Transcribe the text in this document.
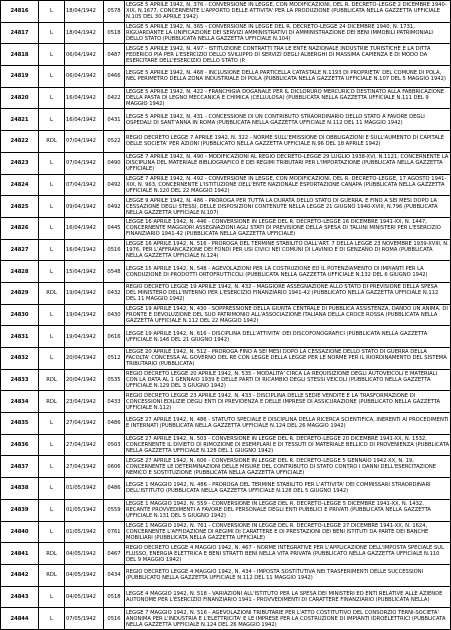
24816	L	18/04/1942	0578	LEGGE 5 APRILE 1942, N. 376 - CONVERSIONE IN LEGGE, CON MODIFICAZIONI, DEL R. DECRETO-LEGGE 2 DICEMBRE 1940-XIX, N.1677, CONCERNENTE L'APPORTO DELLE ATTIVITA' PER LA PRODUZIONE (PUBBLICATA NELLA GAZZETTA UFFICIALE N.105 DEL 30 APRILE 1942)

24817	L	18/04/1942	0518	LEGGE 5 APRILE 1942, N. 365 - CONVERSIONE IN LEGGE DEL R. DECRETO-LEGGE 24 DICEMBRE 1940, N. 1731, RIGUARDANTE LA UNIFICAZIONE DEI SERVIZI AMMINISTRATIVI DI AMMINISTRAZIONE DEI BENI IMMOBILI PATRIMONIALI DELLO STATO (PUBBLICATA NELLA GAZZETTA UFFICIALE N.104)

24818	L	06/04/1942	0487	LEGGE 5 APRILE 1942, N. 497 - ISTITUZIONE CONTRATTI TRA LE ENTE NAZIONALE INDUSTRIE TURISTICHE E LA DITTA FEDERICO PIA PER L'ESERCIZIO DELLO SVILUPPO DI SERVIZI DEGLI ALBERGHI DI MASSIMA CAPIENZA E DI MODO DA ESERCITARE DELL'ESERCIZIO DELLO STATO (P.

24819	L	06/04/1942	0466	LEGGE 5 APRILE 1942, N. 468 - INCLUSIONE DELLA PARTICELLA CATASTALE N.1193 DI PROPRIETA' DEL COMUNE DI POLA, NEL PERIMETRO DELLA ZONA INDUSTRIALE DI POLA (PUBBLICATA NELLA GAZZETTA UFFICIALE N.107 DEL 5 MAGGIO 1942)

24820	L	16/04/1942	0422	LEGGE 5 APRILE 1942, N. 422 - FRANCHIGIA DOGANALE PER IL DICLORURO MERCURICO DESTINATO ALLA FABBRICAZIONE DELLA PASTA DI LEGNO MECCANICA E CHIMICA (CELLULOSA) (PUBBLICATA NELLA GAZZETTA UFFICIALE N.111 DEL 9 MAGGIO 1942)

24821	L	16/04/1942	0431	LEGGE 5 APRILE 1942, N. 431 - CONCESSIONE DI UN CONTRIBUTO STRAORDINARIO DELLO STATO A FAVORE DEGLI OSPEDALI DI SANT'ANNA IN ROMA (PUBBLICATA NELLA GAZZETTA UFFICIALE N.112 DEL 11 MAGGIO 1942)

24822	RDL	07/04/1942	0522	REGIO DECRETO LEGGE 7 APRILE 1942, N. 322 - NORME SULL'EMISSIONE DI OBBLIGAZIONI E SULL'AUMENTO DI CAPITALE DELLE SOCIETA' PER AZIONI (PUBBLICATO NELLA GAZZETTA UFFICIALE N.96 DEL 18 APRILE 1942)

24823	L	07/04/1942	0490	LEGGE 7 APRILE 1942, N. 490 - MODIFICAZIONI AL REGIO DECRETO-LEGGE 29 LUGLIO 1938-XVI, N.1121, CONCERNENTE LA DISCIPLINA DEL MATERIALE BIBLIOGRAFICO E DEI REGIMI TRIBUTARI PER L'IMPORTAZIONE (PUBBLICATA NELLA GAZZETTA UFFICIALE)

24824	L	07/04/1942	0492	LEGGE 7 APRILE 1942, N. 492 - CONVERSIONE IN LEGGE, CON MODIFICAZIONI, DEL R. DECRETO-LEGGE, 17 AGOSTO 1941-XIX, N. 963, CONCERNENTE L'ISTITUZIONE DELL'ENTE NAZIONALE ESPORTAZIONE CANAPA (PUBBLICATA NELLA GAZZETTA UFFICIALE N.120 DEL 22 MAGGIO 1942)

24825	L	09/04/1942	0492	LEGGE 9 APRILE 1942, N. 486 - PROROGA PER TUTTA LA DURATA DELLO STATO DI GUERRA, E FINO A SEI MESI DOPO LA CESSAZIONE DEGLI STESSI, DELLE DISPOSIZIONI CONTENUTE NELLA LEGGE 21 GIUGNO 1940-XVIII, N.796 (PUBBLICATA NELLA GAZZETTA UFFICIALE N.107)

24826	L	16/04/1942	0445	LEGGE 16 APRILE 1942, N. 446 - CONVERSIONE IN LEGGE DEL R. DECRETO-LEGGE 16 DICEMBRE 1941-XX, N. 1447, CONCERNENTE MAGGIORI ASSEGNAZIONI AGLI STATI DI PREVISIONE DELLA SPESA DI TALUNI MINISTERI PER L'ESERCIZIO FINANZIARIO 1941-42 (PUBBLICATA NELLA GAZZETTA UFFICIALE)

24827	L	16/04/1942	0516	LEGGE 16 APRILE 1942, N. 516 - PROROGA DEL TERMINE STABILITO DALL'ART. 7 DELLA LEGGE 23 NOVEMBRE 1939-XVIII, N. 1976, PER L'AFFRANCAZIONE DEI FONDI PER USI CIVICI NEI COMUNI DI LAVINIO E DI GENZANO DI ROMA (PUBBLICATA NELLA GAZZETTA UFFICIALE N.124)

24828	L	15/04/1942	0548	LEGGE 15 APRILE 1942, N. 548 - AGEVOLAZIONI PER LA COSTRUZIONE ED IL POTENZIAMENTO DI IMPIANTI PER LA CONDUZIONE DI PRODOTTI ORTOFRUTTICOLI (PUBBLICATA NELLA GAZZETTA UFFICIALE N.132 DEL 6 GIUGNO 1942)

24829	RDL	19/04/1942	0432	REGIO DECRETO LEGGE 19 APRILE 1942, N. 432 - MAGGIORE ASSEGNAZIONE ALLO STATO DI PREVISIONE DELLA SPESA DEL MINISTERO DELL'INTERNO PER L'ESERCIZIO FINANZIARIO 1941-42 (PUBBLICATO NELLA GAZZETTA UFFICIALE N.112 DEL 11 MAGGIO 1942)

24830	L	19/04/1942	0430	LEGGE 19 APRILE 1942, N. 430 - SOPPRESSIONE DELLA GIUNTA CENTRALE DI PUBBLICA ASSISTENZA, DANDO UN ANIMA, DI FRONTE E DEVOLUZIONE DEL SUO PATRIMONIO ALL'ASSOCIAZIONE ITALIANA DELLA CROCE ROSSA (PUBBLICATA NELLA GAZZETTA UFFICIALE N.112 DEL 22 MAGGIO 1942)

24831	L	19/04/1942	0616	LEGGE 19 APRILE 1942, N. 616 - DISCIPLINA DELL'ATTIVITA' DEI DISCOFONOGRAFICI (PUBBLICATA NELLA GAZZETTA UFFICIALE N.146 DEL 21 GIUGNO 1942)

24832	L	20/04/1942	0512	LEGGE 20 APRILE 1942, N. 512 - PROROGA FINO A SEI MESI DOPO LA CESSAZIONE DELLO STATO DI GUERRA DELLA FACOLTA' CONCESSA AL GOVERNO DEL RE CON LEGGE DELLA LEGGE PER LE NORME PER IL RIORDINAMENTO DEL SISTEMA TRIBUTARIO (PUBBLICATA)

24833	RDL	20/04/1942	0535	REGIO DECRETO LEGGE 20 APRILE 1942, N. 535 - MODALITA' CIRCA LA REQUISIZIONE DEGLI AUTOVEICOLI E MATERIALI CON LA DATA AL 1 GENNAIO 1939 E DELLE PARTI DI RICAMBIO DEGLI STESSI VEICOLI (PUBBLICATO NELLA GAZZETTA UFFICIALE N.129 DEL 3 GIUGNO 1942)

24834	RDL	23/04/1942	0433	REGIO DECRETO LEGGE 23 APRILE 1942, N. 433 - DISCIPLINA DELLE SEDIE VENDITE E LA TRASFORMAZIONE DI CONCESSIONI EDILIZIE DEGLI ENTI DI PREVIDENZA E DELLE IMPRESE DI ASSICURAZIONE (PUBBLICATO NELLA GAZZETTA UFFICIALE N.112)

24835	L	27/04/1942	0486	LEGGE 27 APRILE 1942, N. 486 - STATUTO SPECIALE E DISCIPLINA DELLA RICERCA SCIENTIFICA, INERENTI AI PROCEDIMENTI E INTERNATI (PUBBLICATA NELLA GAZZETTA UFFICIALE N.124 DEL 26 MAGGIO 1942)

24836	L	27/04/1942	0503	LEGGE 27 APRILE 1942, N. 503 - CONVERSIONE IN LEGGE DEL R. DECRETO-LEGGE 20 DICEMBRE 1941-XX, N. 1532, CONCERNENTE IL DIVIETO DI RIMOZIONE DI ESEMPLARI E DI TESSUTI DI MATERIALE BELLICO DI PROVENIENZA (PUBBLICATA NELLA GAZZETTA UFFICIALE N.128 DEL 1 GIUGNO 1942)

24837	L	27/04/1942	0606	LEGGE 27 APRILE 1942, N. 606 - CONVERSIONE IN LEGGE DEL R. DECRETO-LEGGE 5 GENNAIO 1942-XX, N. 19, CONCERNENTE LE DETERMINAZIONI DELLE MISURE DEL CONTRIBUTO DI STATO CONTRO I DANNI DELL'ESERCITAZIONE NEMICO E SOSTITUZIONE (PUBBLICATA NELLA GAZZETTA UFFICIALE)

24838	L	01/05/1942	0486	LEGGE 1 MAGGIO 1942, N. 486 - PROROGA DEL TERMINE STABILITO PER L'ATTIVITA' DEI COMMISSARI STRAORDINARI DELL'ISTITUTO (PUBBLICATA NELLA GAZZETTA UFFICIALE N.128 DEL 5 GIUGNO 1942)

24839	L	01/05/1942	0559	LEGGE 1 MAGGIO 1942, N. 559 - CONVERSIONE IN LEGGE DEL R. DECRETO-LEGGE 5 DICEMBRE 1941-XX, N. 1432, RECANTE PROVVEDIMENTI A FAVORE DEL PERSONALE DEGLI ENTI PUBBLICI E PRIVATI (PUBBLICATA NELLA GAZZETTA UFFICIALE N.131 DEL 5 GIUGNO 1942)

24840	L	01/05/1942	0761	LEGGE 1 MAGGIO 1942, N. 761 - CONVERSIONE IN LEGGE DEL R. DECRETO-LEGGE 27 DICEMBRE 1941-XX, N. 1624, CONCERNENTE L'AFFIDAZIONE DI REGIMI DI CARATTERE E DI PRESTAZIONI DEI BENI ISTITUTI DA PARTE DEI BANCHE MOBILIARI (PUBBLICATA NELLA GAZZETTA UFFICIALE)

24841	RDL	04/05/1942	0467	REGIO DECRETO LEGGE 4 MAGGIO 1942, N. 467 - NORME INTEGRATIVE PER L'APPLICAZIONE DELL'IMPOSTA SPECIALE SUL FLUSSO, ENERGIA ELETTRICA E BENI STRATTI BENI NELLA VITA PRIVATA (PUBBLICATO NELLA GAZZETTA UFFICIALE N.110 DEL 9 MAGGIO 1942)

24842	RDL	04/05/1942	0434	REGIO DECRETO LEGGE 4 MAGGIO 1942, N. 434 - IMPOSTA SOSTITUTIVA NEI TRASFERIMENTI DELLE SUCCESSIONI (PUBBLICATO NELLA GAZZETTA UFFICIALE N.112 DEL 11 MAGGIO 1942)

24843	L	04/05/1942	0518	LEGGE 4 MAGGIO 1942, N. 518 - VARIAZIONI ALL'ISTITUTO PER LA SPESA DEI MINISTERI ED ENTI RELATIVE ALLE AZIENDE AUTONOME PER L'ESERCIZIO FINANZIARIO 1941 - PROVVEDIMENTI DI CARATTERE FINANZIARIO (PUBBLICATA NELLA)

24844	L	07/05/1942	0516	LEGGE 7 MAGGIO 1942, N. 516 - AGEVOLAZIONI TRIBUTARIE PER L'ATTO COSTITUTIVO DEL CONSORZIO TERNI-SOCIETA' ANONIMA PER L'INDUSTRIA E L'ELETTRICITA' E LE IMPRESE PER LA COSTRUZIONE DI IMPIANTI IDROELETTRICI (PUBBLICATA NELLA GAZZETTA UFFICIALE N.124 DEL 26 MAGGIO 1942)
